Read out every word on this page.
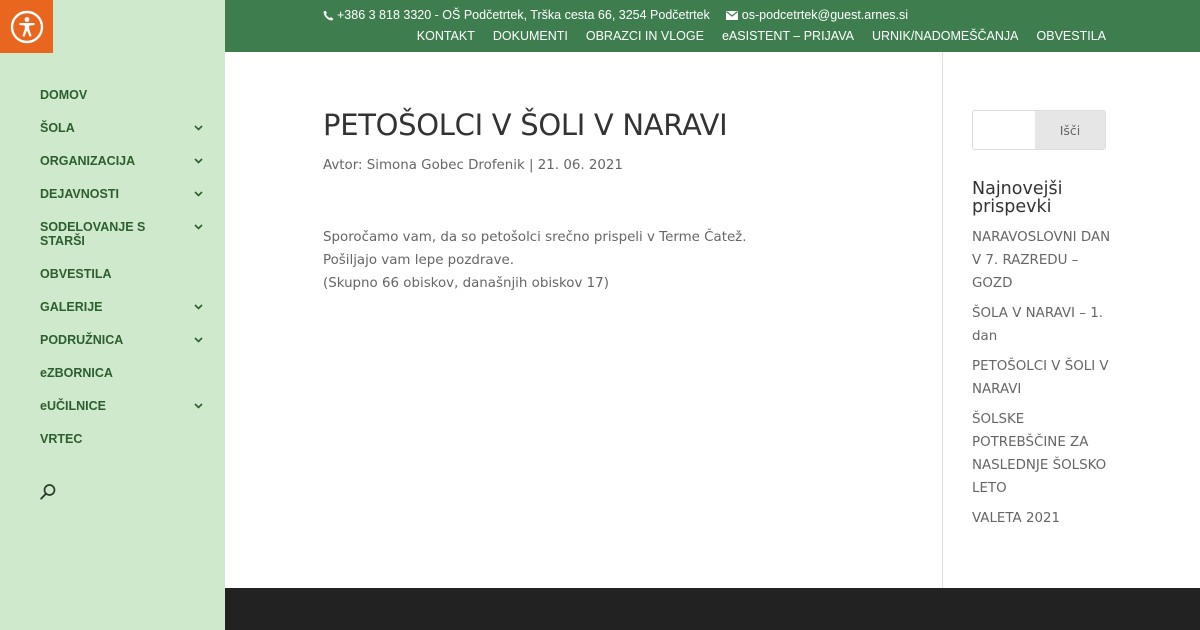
DOMOV
ŠOLA
ORGANIZACIJA
DEJAVNOSTI
SODELOVANJE S STARŠI
OBVESTILA
GALERIJE
PODRUŽNICA
eZBORNICA
eUČILNICE
VRTEC
+386 3 818 3320 - OŠ Podčetrtek, Trška cesta 66, 3254 Podčetrtek	os-podcetrtek@guest.arnes.si
KONTAKT DOKUMENTI OBRAZCI IN VLOGE eASISTENT – PRIJAVA URNIK/NADOMEŠČANJA OBVESTILA
PETOŠOLCI V ŠOLI V NARAVI
Avtor: Simona Gobec Drofenik | 21. 06. 2021

Sporočamo vam, da so petošolci srečno prispeli v Terme Čatež.

Pošiljajo vam lepe pozdrave.

(Skupno 66 obiskov, današnjih obiskov 17)

Išči
Najnovejši prispevki
NARAVOSLOVNI DAN V 7. RAZREDU – GOZD
ŠOLA V NARAVI – 1. dan
PETOŠOLCI V ŠOLI V NARAVI
ŠOLSKE POTREBŠČINE ZA NASLEDNJE ŠOLSKO LETO
VALETA 2021
